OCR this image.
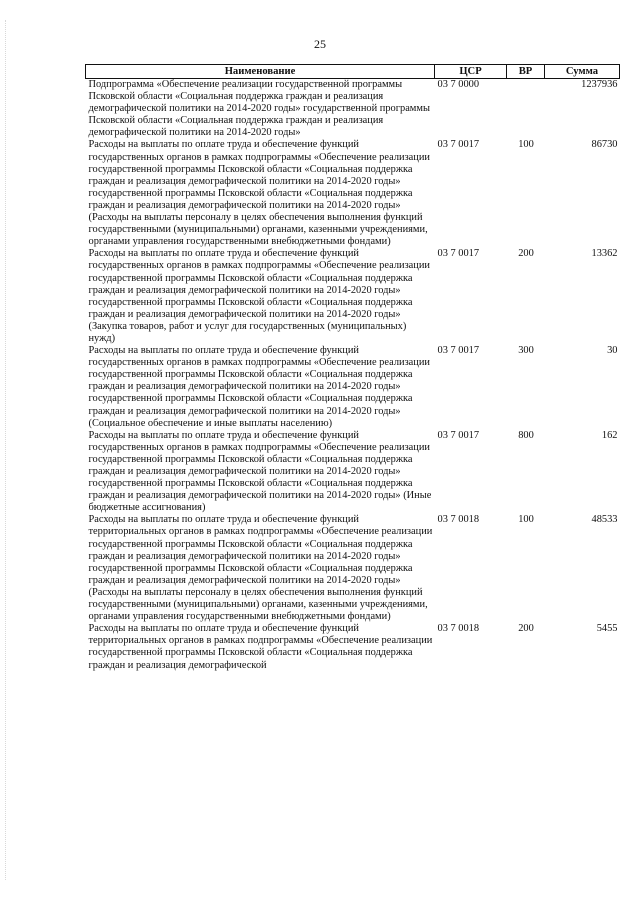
25
Наименование	ЦСР	ВР	Сумма
Подпрограмма «Обеспечение реализации государственной программы Псковской области «Социальная поддержка граждан и реализация демографической политики на 2014-2020 годы» государственной программы Псковской области «Социальная поддержка граждан и реализация демографической политики на 2014-2020 годы»	03 7 0000		1237936
Расходы на выплаты по оплате труда и обеспечение функций государственных органов в рамках подпрограммы «Обеспечение реализации государственной программы Псковской области «Социальная поддержка граждан и реализация демографической политики на 2014-2020 годы» государственной программы Псковской области «Социальная поддержка граждан и реализация демографической политики на 2014-2020 годы» (Расходы на выплаты персоналу в целях обеспечения выполнения функций государственными (муниципальными) органами, казенными учреждениями, органами управления государственными внебюджетными фондами)	03 7 0017	100	86730
Расходы на выплаты по оплате труда и обеспечение функций государственных органов в рамках подпрограммы «Обеспечение реализации государственной программы Псковской области «Социальная поддержка граждан и реализация демографической политики на 2014-2020 годы» государственной программы Псковской области «Социальная поддержка граждан и реализация демографической политики на 2014-2020 годы» (Закупка товаров, работ и услуг для государственных (муниципальных) нужд)	03 7 0017	200	13362
Расходы на выплаты по оплате труда и обеспечение функций государственных органов в рамках подпрограммы «Обеспечение реализации государственной программы Псковской области «Социальная поддержка граждан и реализация демографической политики на 2014-2020 годы» государственной программы Псковской области «Социальная поддержка граждан и реализация демографической политики на 2014-2020 годы» (Социальное обеспечение и иные выплаты населению)	03 7 0017	300	30
Расходы на выплаты по оплате труда и обеспечение функций государственных органов в рамках подпрограммы «Обеспечение реализации государственной программы Псковской области «Социальная поддержка граждан и реализация демографической политики на 2014-2020 годы» государственной программы Псковской области «Социальная поддержка граждан и реализация демографической политики на 2014-2020 годы» (Иные бюджетные ассигнования)	03 7 0017	800	162
Расходы на выплаты по оплате труда и обеспечение функций территориальных органов в рамках подпрограммы «Обеспечение реализации государственной программы Псковской области «Социальная поддержка граждан и реализация демографической политики на 2014-2020 годы» государственной программы Псковской области «Социальная поддержка граждан и реализация демографической политики на 2014-2020 годы» (Расходы на выплаты персоналу в целях обеспечения выполнения функций государственными (муниципальными) органами, казенными учреждениями, органами управления государственными внебюджетными фондами)	03 7 0018	100	48533
Расходы на выплаты по оплате труда и обеспечение функций территориальных органов в рамках подпрограммы «Обеспечение реализации государственной программы Псковской области «Социальная поддержка граждан и реализация демографической	03 7 0018	200	5455
